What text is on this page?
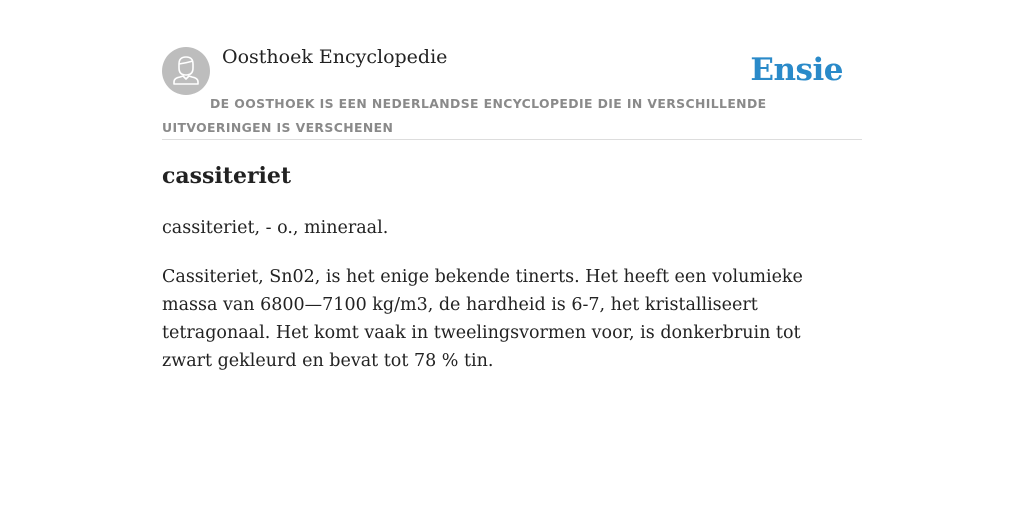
Oosthoek Encyclopedie	Ensie
DE OOSTHOEK IS EEN NEDERLANDSE ENCYCLOPEDIE DIE IN VERSCHILLENDE UITVOERINGEN IS VERSCHENEN
cassiteriet

cassiteriet, - o., mineraal.

Cassiteriet, Sn02, is het enige bekende tinerts. Het heeft een volumieke massa van 6800—7100 kg/m3, de hardheid is 6-7, het kristalliseert tetragonaal. Het komt vaak in tweelingsvormen voor, is donkerbruin tot zwart gekleurd en bevat tot 78 % tin.
